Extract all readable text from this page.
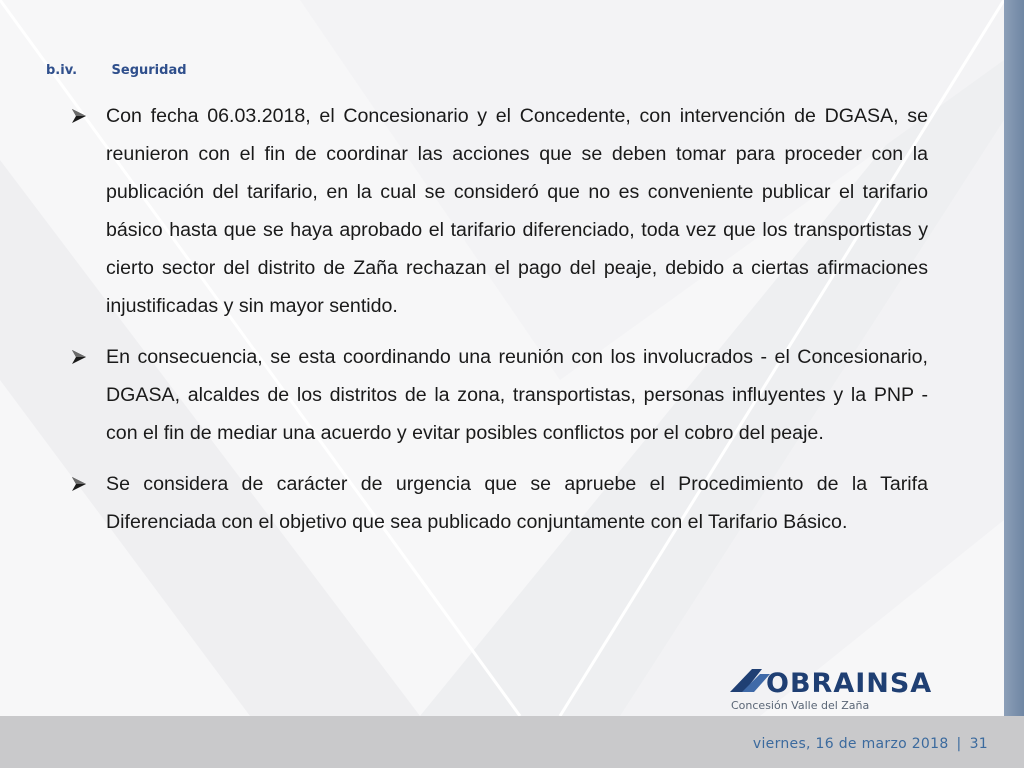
b.iv.	Seguridad
Con fecha 06.03.2018, el Concesionario y el Concedente, con intervención de DGASA, se reunieron con el fin de coordinar las acciones que se deben tomar para proceder con la publicación del tarifario, en la cual se consideró que no es conveniente publicar el tarifario básico hasta que se haya aprobado el tarifario diferenciado, toda vez que los transportistas y cierto sector del distrito de Zaña rechazan el pago del peaje, debido a ciertas afirmaciones injustificadas y sin mayor sentido.
En consecuencia, se esta coordinando una reunión con los involucrados - el Concesionario, DGASA, alcaldes de los distritos de la zona, transportistas, personas influyentes y la PNP - con el fin de mediar una acuerdo y evitar posibles conflictos por el cobro del peaje.
Se considera de carácter de urgencia que se apruebe el Procedimiento de la Tarifa Diferenciada con el objetivo que sea publicado conjuntamente con el Tarifario Básico.
OBRAINSA
Concesión Valle del Zaña
viernes, 16 de marzo 2018 | 31
